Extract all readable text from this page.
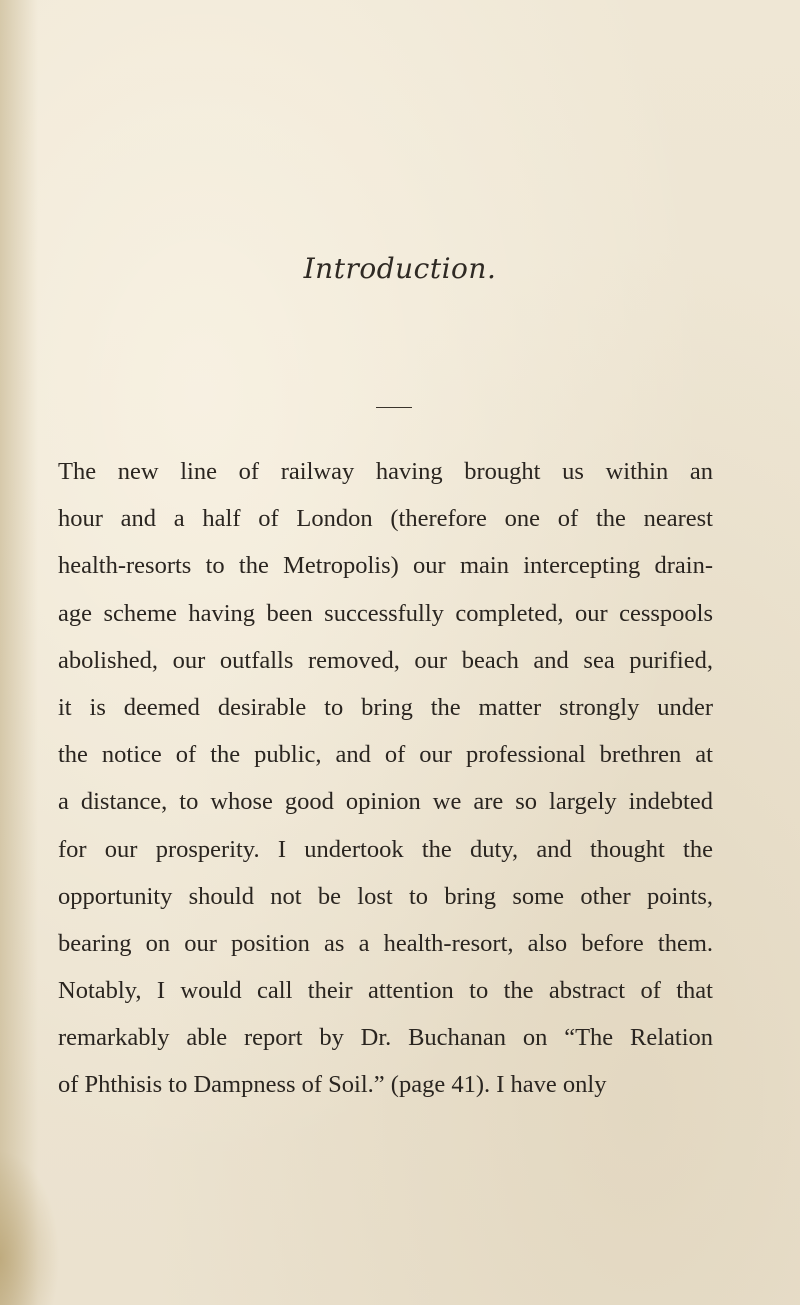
Introduction.
The new line of railway having brought us within an
hour and a half of London (therefore one of the nearest
health-resorts to the Metropolis) our main intercepting drain-
age scheme having been successfully completed, our cesspools
abolished, our outfalls removed, our beach and sea purified,
it is deemed desirable to bring the matter strongly under
the notice of the public, and of our professional brethren at
a distance, to whose good opinion we are so largely indebted
for our prosperity. I undertook the duty, and thought the
opportunity should not be lost to bring some other points,
bearing on our position as a health-resort, also before them.
Notably, I would call their attention to the abstract of that
remarkably able report by Dr. Buchanan on “The Relation
of Phthisis to Dampness of Soil.” (page 41). I have only
